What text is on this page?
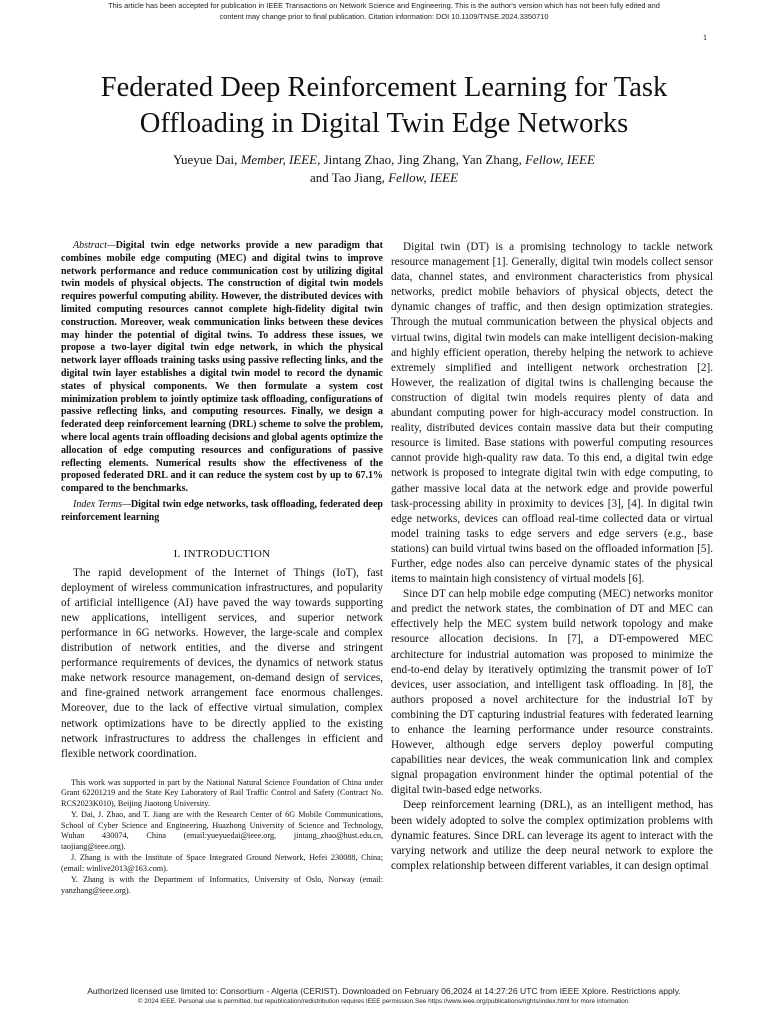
This article has been accepted for publication in IEEE Transactions on Network Science and Engineering. This is the author's version which has not been fully edited and
content may change prior to final publication. Citation information: DOI 10.1109/TNSE.2024.3350710
1
Federated Deep Reinforcement Learning for Task
Offloading in Digital Twin Edge Networks
Yueyue Dai, Member, IEEE, Jintang Zhao, Jing Zhang, Yan Zhang, Fellow, IEEE
and Tao Jiang, Fellow, IEEE

Abstract—Digital twin edge networks provide a new paradigm that combines mobile edge computing (MEC) and digital twins to improve network performance and reduce communication cost by utilizing digital twin models of physical objects. The construction of digital twin models requires powerful computing ability. However, the distributed devices with limited computing resources cannot complete high-fidelity digital twin construction. Moreover, weak communication links between these devices may hinder the potential of digital twins. To address these issues, we propose a two-layer digital twin edge network, in which the physical network layer offloads training tasks using passive reflecting links, and the digital twin layer establishes a digital twin model to record the dynamic states of physical components. We then formulate a system cost minimization problem to jointly optimize task offloading, configurations of passive reflecting links, and computing resources. Finally, we design a federated deep reinforcement learning (DRL) scheme to solve the problem, where local agents train offloading decisions and global agents optimize the allocation of edge computing resources and configurations of passive reflecting elements. Numerical results show the effectiveness of the proposed federated DRL and it can reduce the system cost by up to 67.1% compared to the benchmarks.

Index Terms—Digital twin edge networks, task offloading, federated deep reinforcement learning

I. INTRODUCTION

The rapid development of the Internet of Things (IoT), fast deployment of wireless communication infrastructures, and popularity of artificial intelligence (AI) have paved the way towards supporting new applications, intelligent services, and superior network performance in 6G networks. However, the large-scale and complex distribution of network entities, and the diverse and stringent performance requirements of devices, the dynamics of network status make network resource management, on-demand design of services, and fine-grained network arrangement face enormous challenges. Moreover, due to the lack of effective virtual simulation, complex network optimizations have to be directly applied to the existing network infrastructures to address the challenges in efficient and flexible network coordination.

This work was supported in part by the National Natural Science Foundation of China under Grant 62201219 and the State Key Laboratory of Rail Traffic Control and Safety (Contract No. RCS2023K010), Beijing Jiaotong University.

Y. Dai, J. Zhao, and T. Jiang are with the Research Center of 6G Mobile Communications, School of Cyber Science and Engineering, Huazhong University of Science and Technology, Wuhan 430074, China (email:yueyuedai@ieee.org, jintang_zhao@hust.edu.cn, taojiang@ieee.org).

J. Zhang is with the Institute of Space Integrated Ground Network, Hefei 230088, China; (email: winlive2013@163.com).

Y. Zhang is with the Department of Informatics, University of Oslo, Norway (email: yanzhang@ieee.org).

Digital twin (DT) is a promising technology to tackle network resource management [1]. Generally, digital twin models collect sensor data, channel states, and environment characteristics from physical networks, predict mobile behaviors of physical objects, detect the dynamic changes of traffic, and then design optimization strategies. Through the mutual communication between the physical objects and virtual twins, digital twin models can make intelligent decision-making and highly efficient operation, thereby helping the network to achieve extremely simplified and intelligent network orchestration [2]. However, the realization of digital twins is challenging because the construction of digital twin models requires plenty of data and abundant computing power for high-accuracy model construction. In reality, distributed devices contain massive data but their computing resource is limited. Base stations with powerful computing resources cannot provide high-quality raw data. To this end, a digital twin edge network is proposed to integrate digital twin with edge computing, to gather massive local data at the network edge and provide powerful task-processing ability in proximity to devices [3], [4]. In digital twin edge networks, devices can offload real-time collected data or virtual model training tasks to edge servers and edge servers (e.g., base stations) can build virtual twins based on the offloaded information [5]. Further, edge nodes also can perceive dynamic states of the physical items to maintain high consistency of virtual models [6].

Since DT can help mobile edge computing (MEC) networks monitor and predict the network states, the combination of DT and MEC can effectively help the MEC system build network topology and make resource allocation decisions. In [7], a DT-empowered MEC architecture for industrial automation was proposed to minimize the end-to-end delay by iteratively optimizing the transmit power of IoT devices, user association, and intelligent task offloading. In [8], the authors proposed a novel architecture for the industrial IoT by combining the DT capturing industrial features with federated learning to enhance the learning performance under resource constraints. However, although edge servers deploy powerful computing capabilities near devices, the weak communication link and complex signal propagation environment hinder the optimal potential of the digital twin-based edge networks.

Deep reinforcement learning (DRL), as an intelligent method, has been widely adopted to solve the complex optimization problems with dynamic features. Since DRL can leverage its agent to interact with the varying network and utilize the deep neural network to explore the complex relationship between different variables, it can design optimal

Authorized licensed use limited to: Consortium - Algeria (CERIST). Downloaded on February 06,2024 at 14:27:26 UTC from IEEE Xplore. Restrictions apply.
© 2024 IEEE. Personal use is permitted, but republication/redistribution requires IEEE permission.See https://www.ieee.org/publications/rights/index.html for more information.
